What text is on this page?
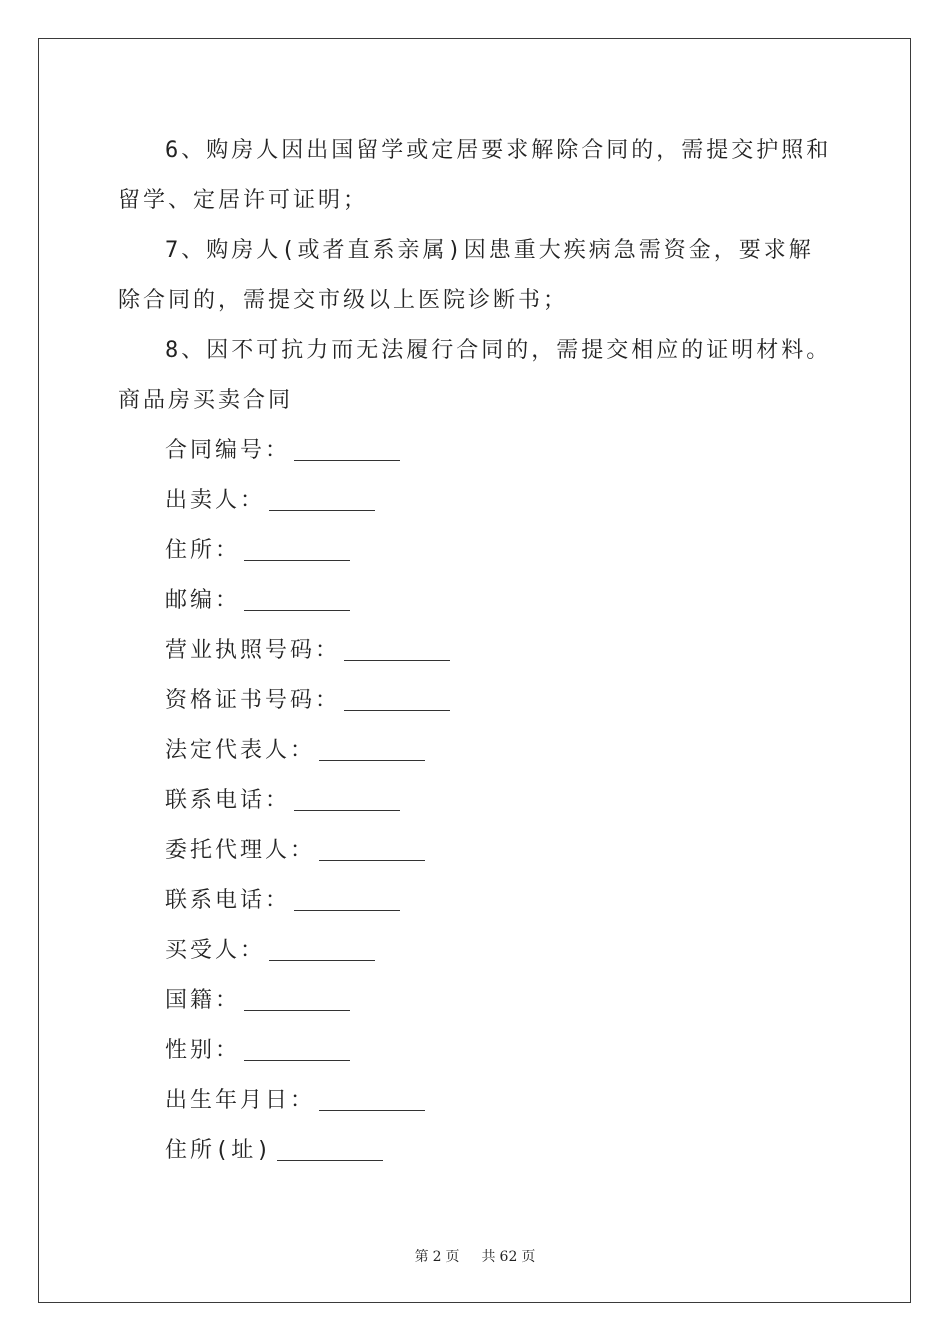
6、购房人因出国留学或定居要求解除合同的，需提交护照和留学、定居许可证明；

7、购房人(或者直系亲属)因患重大疾病急需资金，要求解除合同的，需提交市级以上医院诊断书；

8、因不可抗力而无法履行合同的，需提交相应的证明材料。商品房买卖合同

合同编号：
出卖人：
住所：
邮编：
营业执照号码：
资格证书号码：
法定代表人：
联系电话：
委托代理人：
联系电话：
买受人：
国籍：
性别：
出生年月日：
住所(址)
第 2 页 共 62 页
